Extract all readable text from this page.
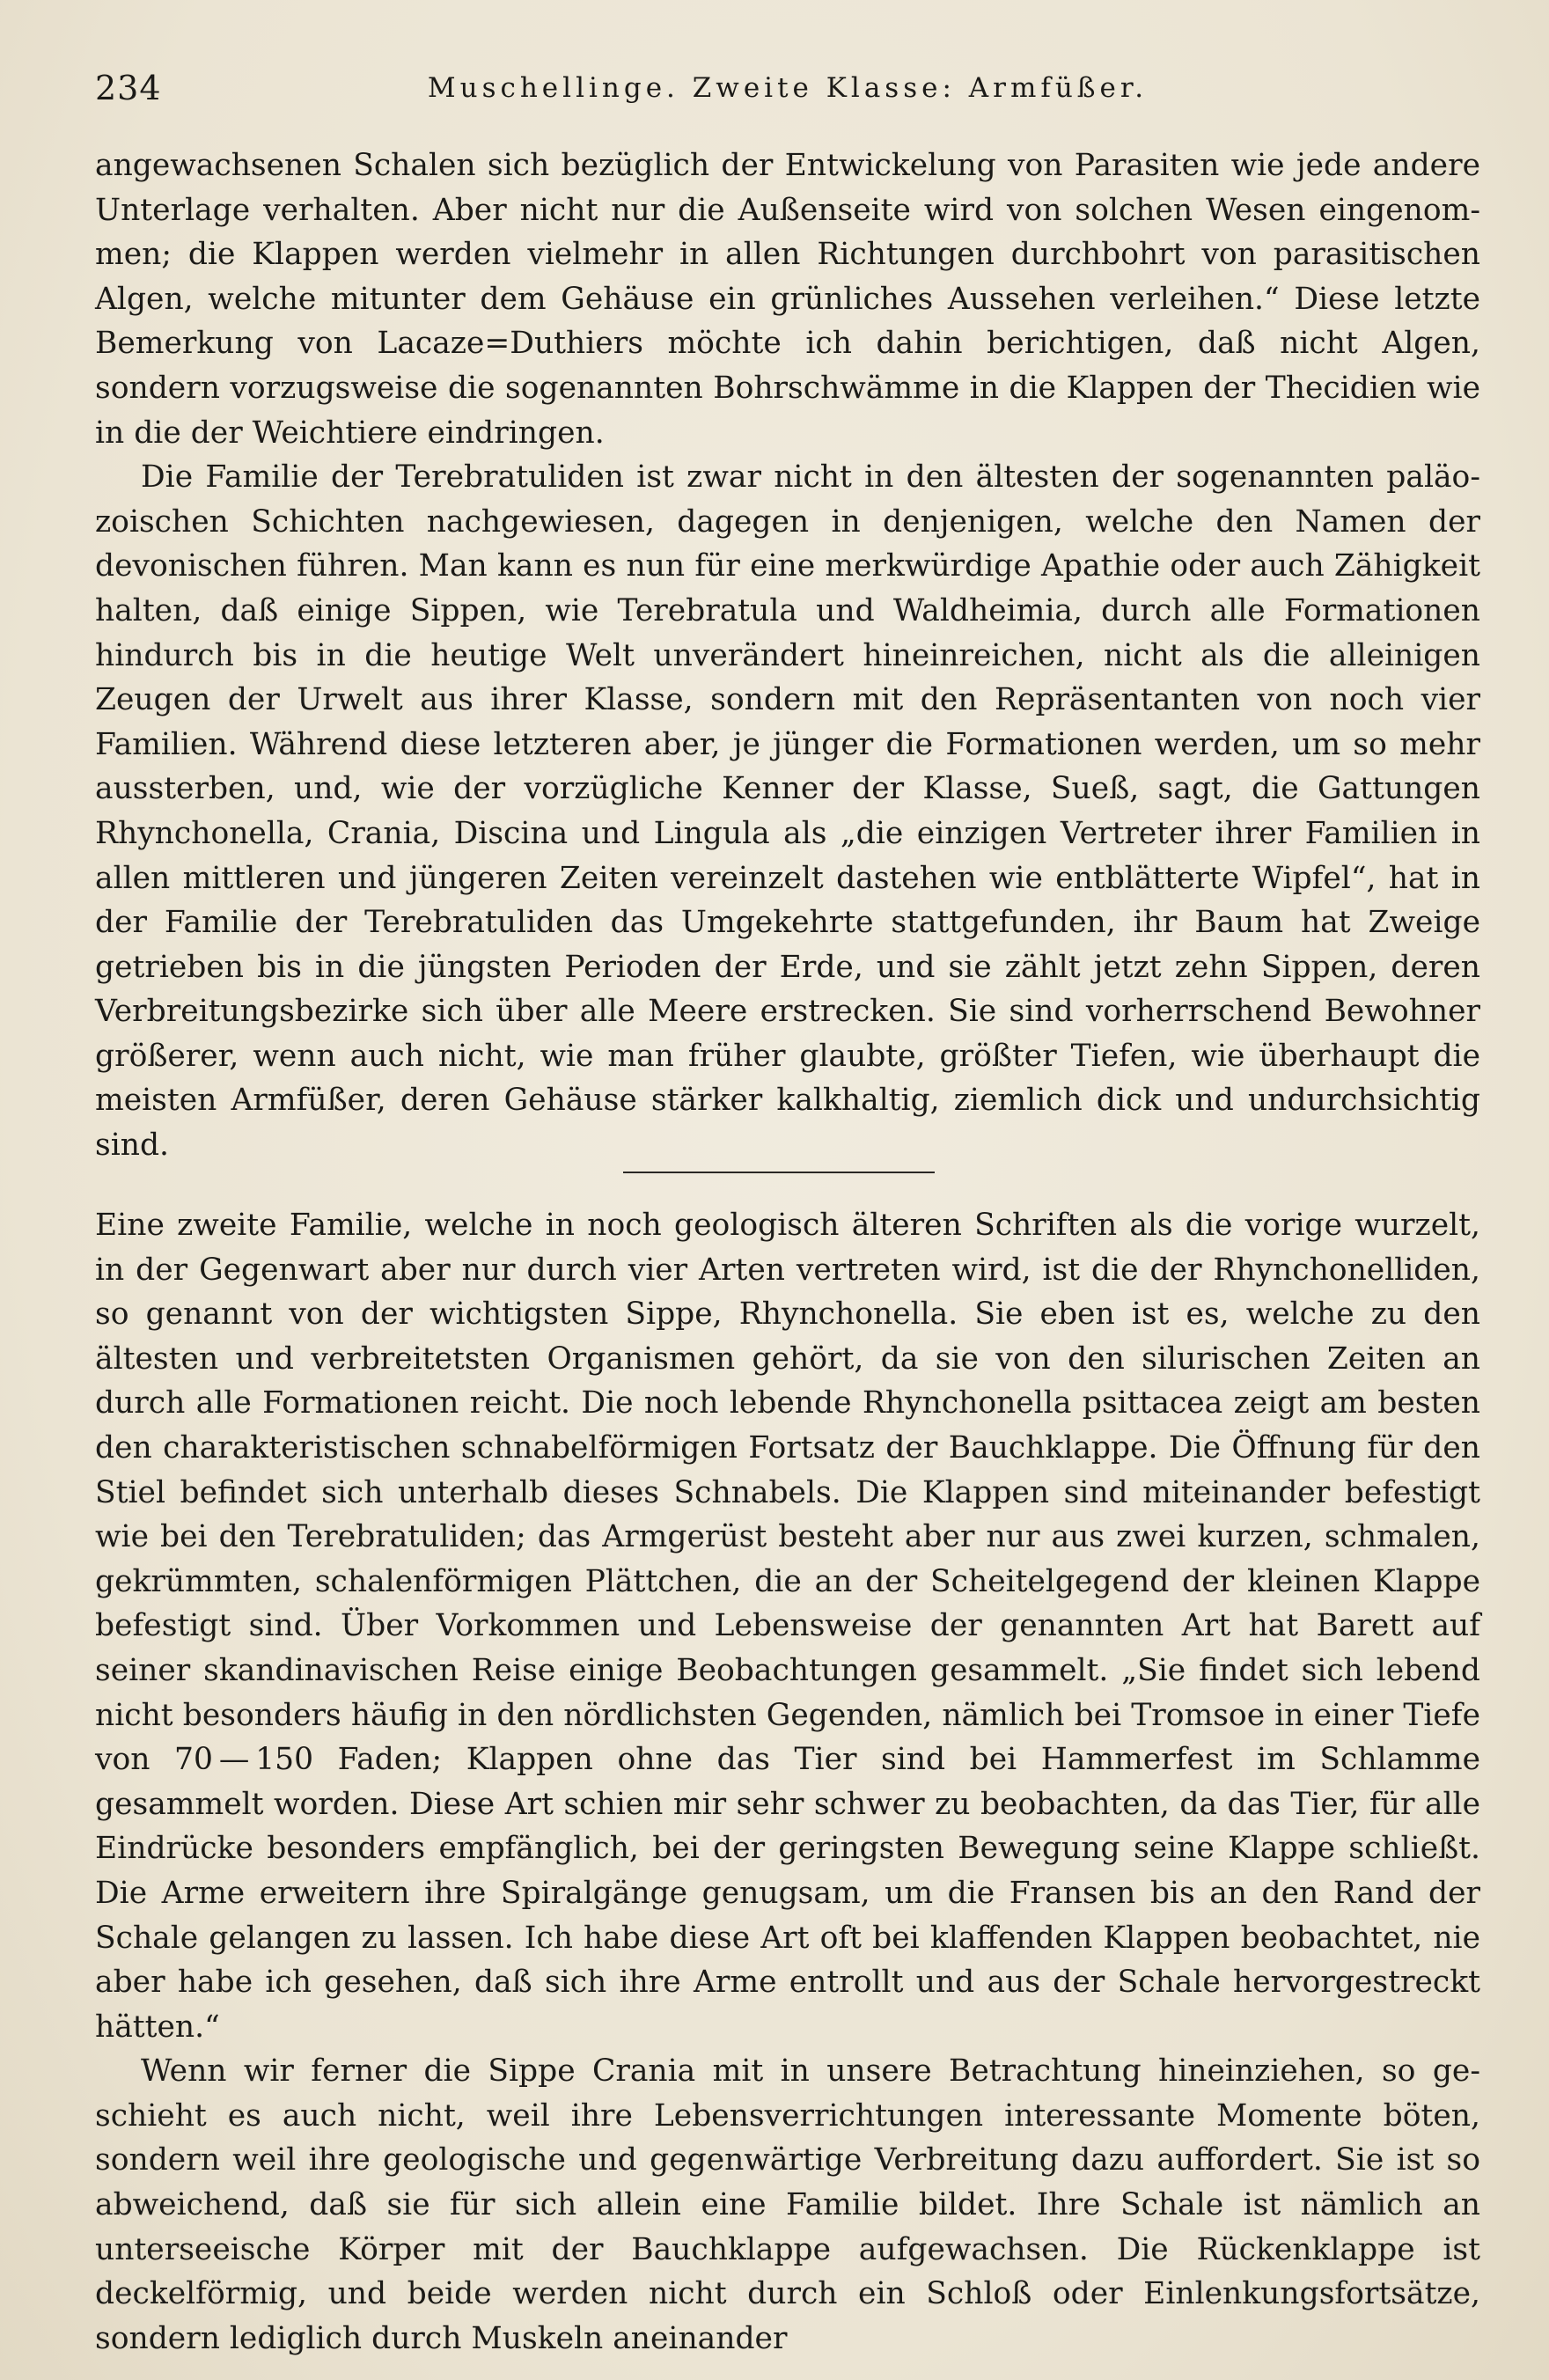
234	Muschellinge. Zweite Klasse: Armfüßer.

angewachsenen Schalen sich bezüglich der Entwickelung von Parasiten wie jede andere Unterlage verhalten. Aber nicht nur die Außenseite wird von solchen Wesen eingenommen; die Klappen werden vielmehr in allen Richtungen durchbohrt von parasitischen Algen, welche mitunter dem Gehäuse ein grünliches Aussehen verleihen.“ Diese letzte Bemerkung von Lacaze=Duthiers möchte ich dahin berichtigen, daß nicht Algen, sondern vorzugsweise die sogenannten Bohrschwämme in die Klappen der Thecidien wie in die der Weichtiere eindringen.

Die Familie der Terebratuliden ist zwar nicht in den ältesten der sogenannten paläozoischen Schichten nachgewiesen, dagegen in denjenigen, welche den Namen der devonischen führen. Man kann es nun für eine merkwürdige Apathie oder auch Zähigkeit halten, daß einige Sippen, wie Terebratula und Waldheimia, durch alle Formationen hindurch bis in die heutige Welt unverändert hineinreichen, nicht als die alleinigen Zeugen der Urwelt aus ihrer Klasse, sondern mit den Repräsentanten von noch vier Familien. Während diese letzteren aber, je jünger die Formationen werden, um so mehr aussterben, und, wie der vorzügliche Kenner der Klasse, Sueß, sagt, die Gattungen Rhynchonella, Crania, Discina und Lingula als „die einzigen Vertreter ihrer Familien in allen mittleren und jüngeren Zeiten vereinzelt dastehen wie entblätterte Wipfel“, hat in der Familie der Terebratuliden das Umgekehrte stattgefunden, ihr Baum hat Zweige getrieben bis in die jüngsten Perioden der Erde, und sie zählt jetzt zehn Sippen, deren Verbreitungsbezirke sich über alle Meere erstrecken. Sie sind vorherrschend Bewohner größerer, wenn auch nicht, wie man früher glaubte, größter Tiefen, wie überhaupt die meisten Armfüßer, deren Gehäuse stärker kalkhaltig, ziemlich dick und undurchsichtig sind.

Eine zweite Familie, welche in noch geologisch älteren Schriften als die vorige wurzelt, in der Gegenwart aber nur durch vier Arten vertreten wird, ist die der Rhynchonelliden, so genannt von der wichtigsten Sippe, Rhynchonella. Sie eben ist es, welche zu den ältesten und verbreitetsten Organismen gehört, da sie von den silurischen Zeiten an durch alle Formationen reicht. Die noch lebende Rhynchonella psittacea zeigt am besten den charakteristischen schnabelförmigen Fortsatz der Bauchklappe. Die Öffnung für den Stiel befindet sich unterhalb dieses Schnabels. Die Klappen sind miteinander befestigt wie bei den Terebratuliden; das Armgerüst besteht aber nur aus zwei kurzen, schmalen, gekrümmten, schalenförmigen Plättchen, die an der Scheitelgegend der kleinen Klappe befestigt sind. Über Vorkommen und Lebensweise der genannten Art hat Barett auf seiner skandinavischen Reise einige Beobachtungen gesammelt. „Sie findet sich lebend nicht besonders häufig in den nördlichsten Gegenden, nämlich bei Tromsoe in einer Tiefe von 70 — 150 Faden; Klappen ohne das Tier sind bei Hammerfest im Schlamme gesammelt worden. Diese Art schien mir sehr schwer zu beobachten, da das Tier, für alle Eindrücke besonders empfänglich, bei der geringsten Bewegung seine Klappe schließt. Die Arme erweitern ihre Spiralgänge genugsam, um die Fransen bis an den Rand der Schale gelangen zu lassen. Ich habe diese Art oft bei klaffenden Klappen beobachtet, nie aber habe ich gesehen, daß sich ihre Arme entrollt und aus der Schale hervorgestreckt hätten.“

Wenn wir ferner die Sippe Crania mit in unsere Betrachtung hineinziehen, so geschieht es auch nicht, weil ihre Lebensverrichtungen interessante Momente böten, sondern weil ihre geologische und gegenwärtige Verbreitung dazu auffordert. Sie ist so abweichend, daß sie für sich allein eine Familie bildet. Ihre Schale ist nämlich an unterseeische Körper mit der Bauchklappe aufgewachsen. Die Rückenklappe ist deckelförmig, und beide werden nicht durch ein Schloß oder Einlenkungsfortsätze, sondern lediglich durch Muskeln aneinander
